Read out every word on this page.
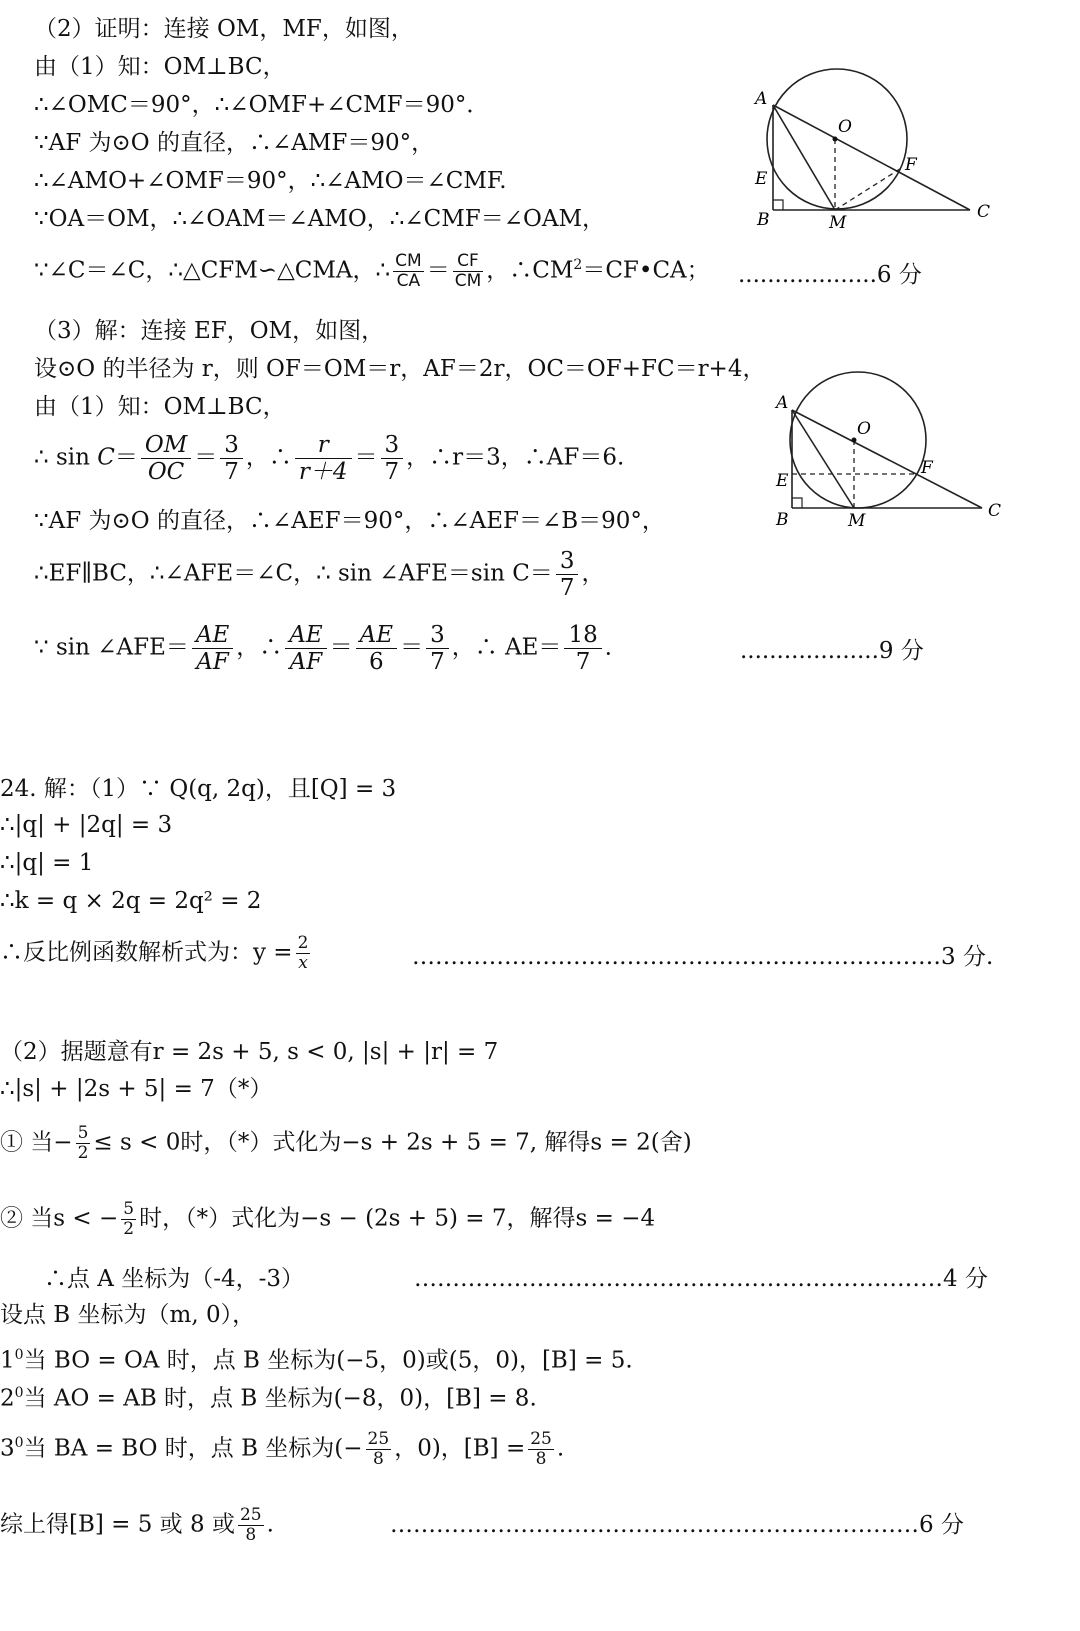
（2）证明：连接 OM，MF，如图，
由（1）知：OM⊥BC，
∴∠OMC＝90°，∴∠OMF+∠CMF＝90°．
∵AF 为⊙O 的直径，∴∠AMF＝90°，
∴∠AMO+∠OMF＝90°，∴∠AMO＝∠CMF.
∵OA＝OM，∴∠OAM＝∠AMO，∴∠CMF＝∠OAM，
∵∠C＝∠C，∴△CFM∽△CMA，∴ $\frac{CM}{CA} = \frac{CF}{CM}$ ，$\therefore CM^2=CF•CA$； ...................6 分
A
O
F
E
B	M
C
（3）解：连接 EF，OM，如图，
设⊙O 的半径为 r，则 OF＝OM＝r，AF＝2r，OC＝OF+FC＝r+4，
由（1）知：OM⊥BC，
∴ $\sin C= \frac{OM}{OC} = \frac{3}{7}$ ，∴ $\frac{r}{r+4} = \frac{3}{7}$ ，∴r＝3，∴AF＝6.
∵AF 为⊙O 的直径，∴∠AEF＝90°，∴∠AEF＝∠B＝90°，
∴EF∥BC，∴∠AFE＝∠C，∴ sin ∠AFE＝sin $C= \frac{3}{7}$ ，
∵ sin ∠AFE＝ $\frac{AE}{AF}$ ，∴ $\frac{AE}{AF} = \frac{AE}{6} = \frac{3}{7}$ ，∴ $AE= \frac{18}{7}$ ．	...................9 分
A
O
F
E
B	M	C
24. 解：（1）∵ Q(q, 2q)，且[Q] = 3
∴|q| + |2q| = 3
∴|q| = 1
∴k = q × 2q = 2q² = 2
∴反比例函数解析式为：$y = \frac{2}{x}$	……………………………………………………………3 分.
（2）据题意有r = 2s + 5, s < 0, |s| + |r| = 7
∴|s| + |2s + 5| = 7（*）
① 当− $\frac{5}{2} \le s < 0$时，（*）式化为−s + 2s + 5 = 7, 解得s = 2(舍)
② 当s < − $\frac{5}{2}$ 时，（*）式化为−s − (2s + 5) = 7，解得s = −4
∴点 A 坐标为（-4，-3）	……………………………………………………………4 分
设点 B 坐标为（m, 0），
$1^0$当 BO = OA 时，点 B 坐标为(−5，0)或(5，0)，[B] = 5.
$2^0$当 AO = AB 时，点 B 坐标为(−8，0)，[B] = 8.
$3^0$当 BA = BO 时，点 B 坐标为(− $\frac{25}{8}$ ，0)，$[B] = \frac{25}{8}$ .
综上得[B] = 5 或 8 或 $\frac{25}{8}$ .	……………………………………………………………6 分
